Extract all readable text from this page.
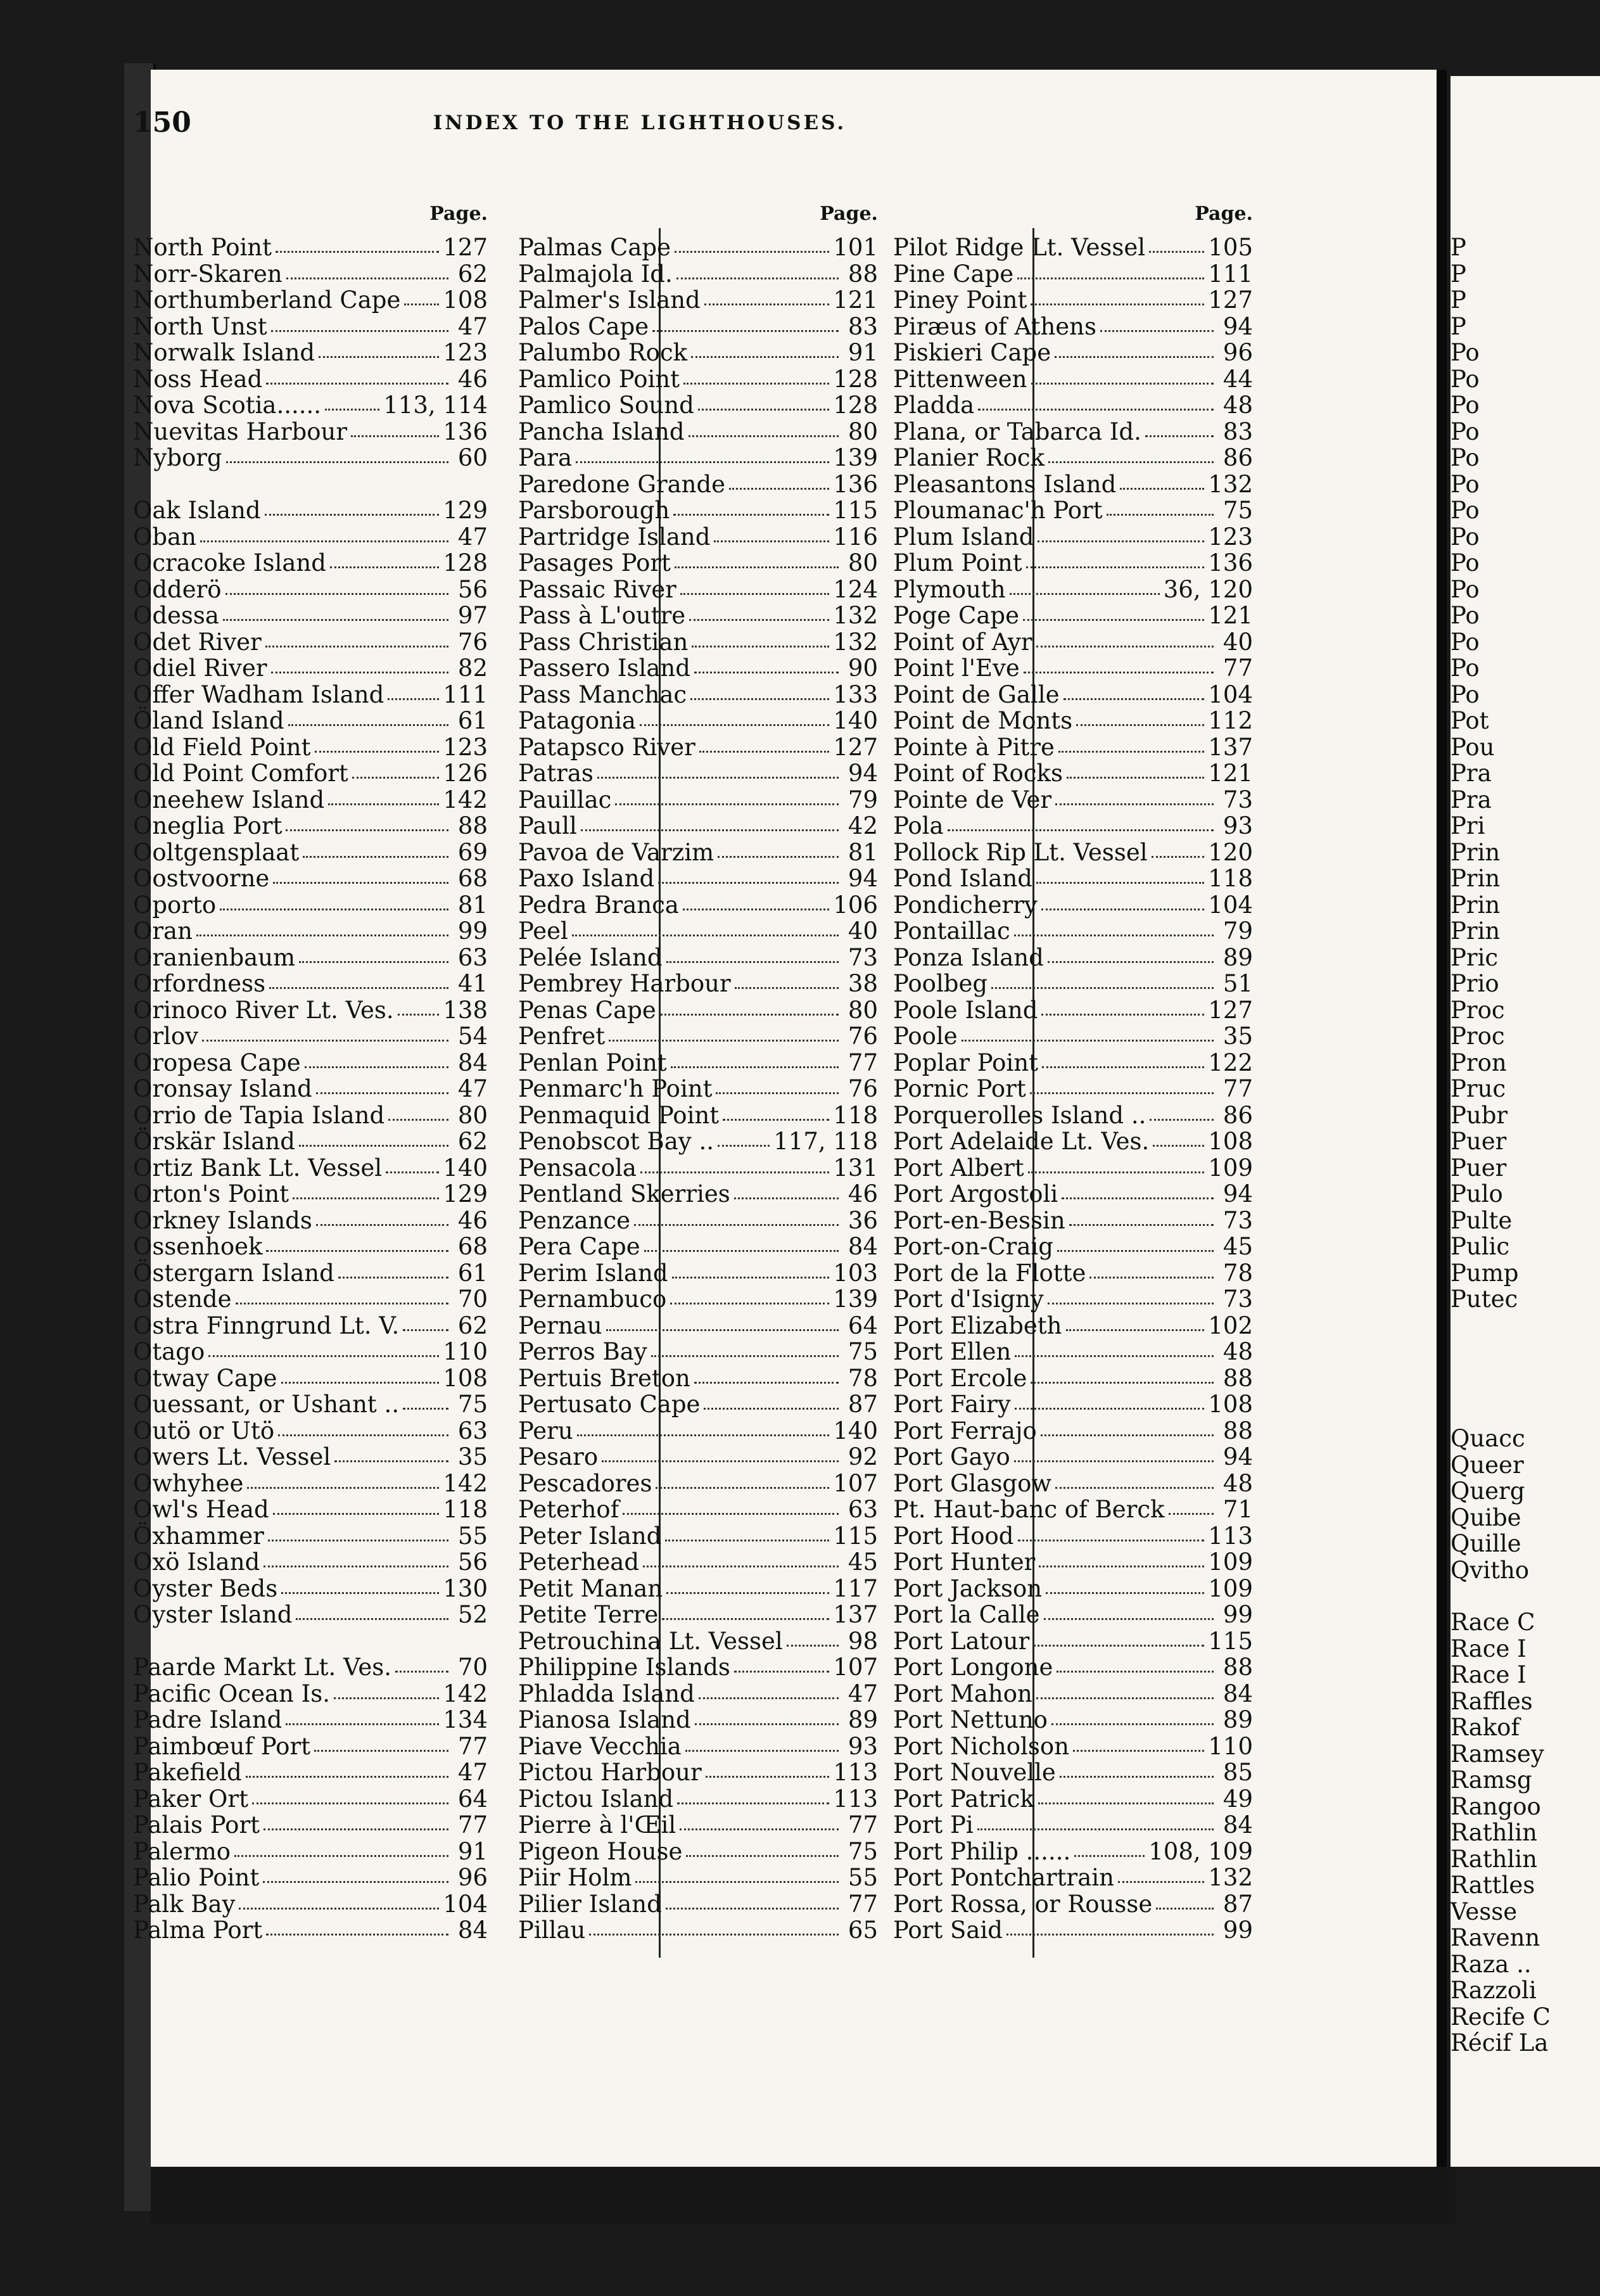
150	INDEX TO THE LIGHTHOUSES.
Page.
North Point	127
Norr-Skaren	62
Northumberland Cape 108
North Unst	47
Norwalk Island	123
Noss Head	46
Nova Scotia......	113, 114
Nuevitas Harbour	136
Nyborg	60
Oak Island	129
Oban	47
Ocracoke Island	128
Odderö	56
Odessa	97
Odet River	76
Odiel River	82
Offer Wadham Island	111
Öland Island	61
Old Field Point	123
Old Point Comfort	126
Oneehew Island	142
Oneglia Port	88
Ooltgensplaat	69
Oostvoorne	68
Oporto	81
Oran	99
Oranienbaum	63
Orfordness	41
Orinoco River Lt. Ves. 138
Orlov	54
Oropesa Cape	84
Oronsay Island	47
Orrio de Tapia Island	80
Örskär Island	62
Ortiz Bank Lt. Vessel	140
Orton's Point	129
Orkney Islands	46
Ossenhoek	68
Östergarn Island	61
Ostende	70
Ostra Finngrund Lt. V.	62
Otago	110
Otway Cape	108
Ouessant, or Ushant ..	75
Outö or Utö	63
Owers Lt. Vessel	35
Owhyhee	142
Owl's Head	118
Öxhammer	55
Oxö Island	56
Oyster Beds	130
Oyster Island	52
Paarde Markt Lt. Ves.	70
Pacific Ocean Is.	142
Padre Island	134
Paimbœuf Port	77
Pakefield	47
Paker Ort	64
Palais Port	77
Palermo	91
Palio Point	96
Palk Bay	104
Palma Port	84
Page.
Palmas Cape	101
Palmajola Id.	88
Palmer's Island	121
Palos Cape	83
Palumbo Rock	91
Pamlico Point	128
Pamlico Sound	128
Pancha Island	80
Para	139
Paredone Grande	136
Parsborough	115
Partridge Island	116
Pasages Port	80
Passaic River	124
Pass à L'outre	132
Pass Christian	132
Passero Island	90
Pass Manchac	133
Patagonia	140
Patapsco River	127
Patras	94
Pauillac	79
Paull	42
Pavoa de Varzim	81
Paxo Island	94
Pedra Branca	106
Peel	40
Pelée Island	73
Pembrey Harbour	38
Penas Cape	80
Penfret	76
Penlan Point	77
Penmarc'h Point	76
Penmaquid Point	118
Penobscot Bay ..	117, 118
Pensacola	131
Pentland Skerries	46
Penzance	36
Pera Cape	84
Perim Island	103
Pernambuco	139
Pernau	64
Perros Bay	75
Pertuis Breton	78
Pertusato Cape	87
Peru	140
Pesaro	92
Pescadores	107
Peterhof	63
Peter Island	115
Peterhead	45
Petit Manan	117
Petite Terre	137
Petrouchina Lt. Vessel	98
Philippine Islands	107
Phladda Island	47
Pianosa Island	89
Piave Vecchia	93
Pictou Harbour	113
Pictou Island	113
Pierre à l'Œil	77
Pigeon House	75
Piir Holm	55
Pilier Island	77
Pillau	65
Page.
Pilot Ridge Lt. Vessel	105
Pine Cape	111
Piney Point	127
Piræus of Athens	94
Piskieri Cape	96
Pittenween	44
Pladda	48
Plana, or Tabarca Id.	83
Planier Rock	86
Pleasantons Island	132
Ploumanac'h Port	75
Plum Island	123
Plum Point	136
Plymouth	36, 120
Poge Cape	121
Point of Ayr	40
Point l'Eve	77
Point de Galle	104
Point de Monts	112
Pointe à Pitre	137
Point of Rocks	121
Pointe de Ver	73
Pola	93
Pollock Rip Lt. Vessel	120
Pond Island	118
Pondicherry	104
Pontaillac	79
Ponza Island	89
Poolbeg	51
Poole Island	127
Poole	35
Poplar Point	122
Pornic Port	77
Porquerolles Island ..	86
Port Adelaide Lt. Ves.	108
Port Albert	109
Port Argostoli	94
Port-en-Bessin	73
Port-on-Craig	45
Port de la Flotte	78
Port d'Isigny	73
Port Elizabeth	102
Port Ellen	48
Port Ercole	88
Port Fairy	108
Port Ferrajo	88
Port Gayo	94
Port Glasgow	48
Pt. Haut-banc of Berck 71
Port Hood	113
Port Hunter	109
Port Jackson	109
Port la Calle	99
Port Latour	115
Port Longone	88
Port Mahon	84
Port Nettuno	89
Port Nicholson	110
Port Nouvelle	85
Port Patrick	49
Port Pi	84
Port Philip ......	108, 109
Port Pontchartrain	132
Port Rossa, or Rousse	87
Port Said	99
P
P
P
P
Po
Po
Po
Po
Po
Po
Po
Po
Po
Po
Po
Po
Po
Po
Pot
Pou
Pra
Pra
Pri
Prin
Prin
Prin
Prin
Pric
Prio
Proc
Proc
Pron
Pruc
Pubr
Puer
Puer
Pulo
Pulte
Pulic
Pump
Putec
Quacc
Queer
Querg
Quibe
Quille
Qvitho
Race C
Race I
Race I
Raffles
Rakof
Ramsey
Ramsg
Rangoo
Rathlin
Rathlin
Rattles
Vesse
Ravenn
Raza ..
Razzoli
Recife C
Récif La
